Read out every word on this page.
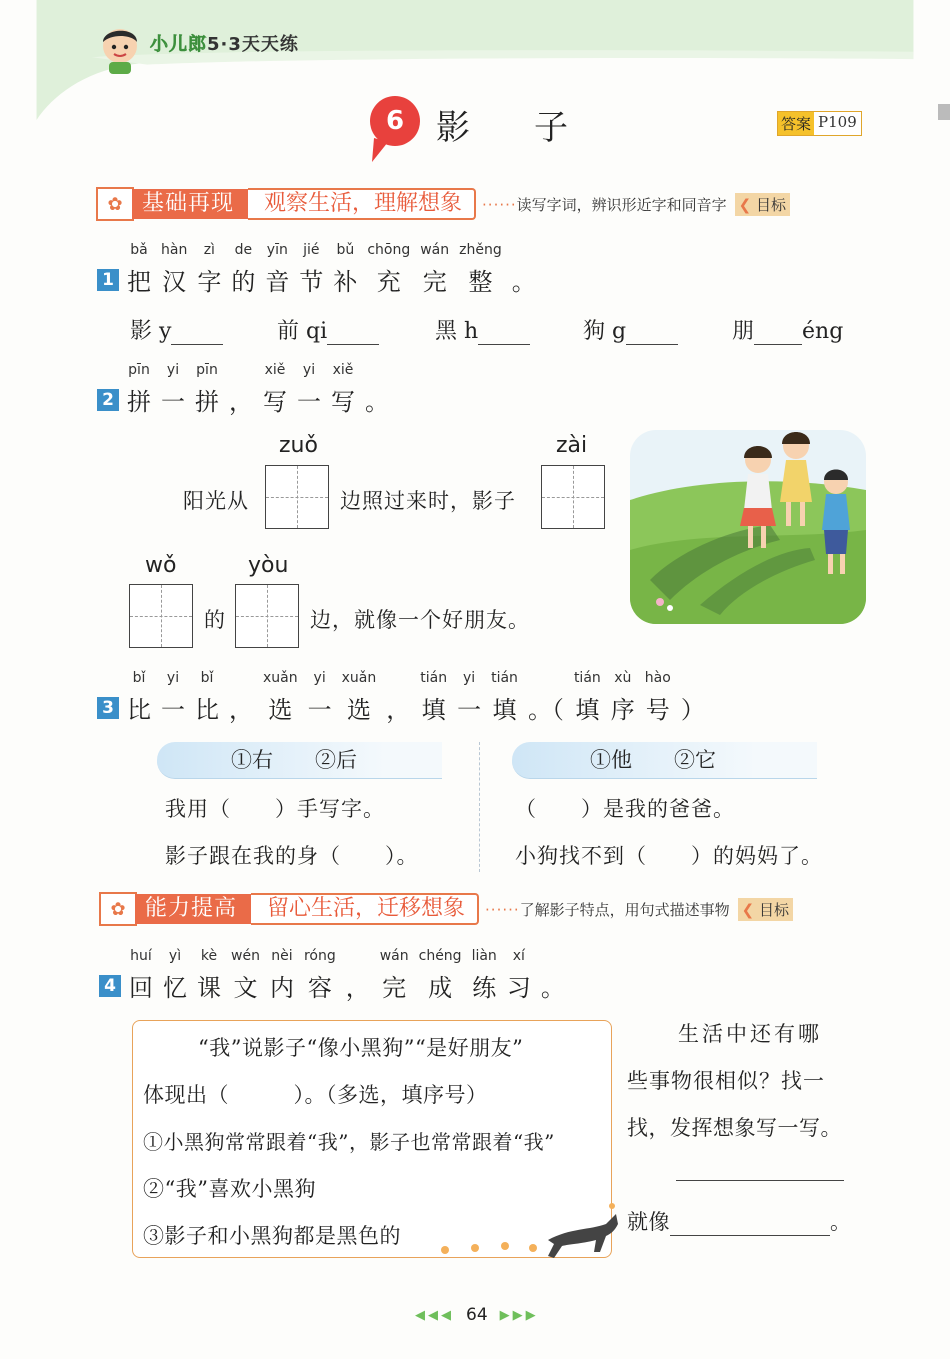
小儿郎5·3天天练
6 影子	答案 P109
✿ 基础再现	观察生活，理解想象	······读写字词，辨识形近字和同音字 ❮ 目标
1
bǎ
把
hàn
汉
zì
字
de
的
yīn
音
jié
节
bǔ
补
chōng
充
wán
完
zhěng
整 。
影 y	前 qi	黑 h	狗 g	朋 éng
2
pīn
拼
yi
一
pīn
拼 ，
xiě
写
yi
一
xiě
写 。
zuǒ
阳光从	边照过来时，影子
zài
wǒ
的
yòu
边，就像一个好朋友。
3
bǐ
比
yi
一
bǐ
比 ，
xuǎn
选
yi
一
xuǎn
选 ，
tián
填
yi
一
tián
填 。（
tián
填
xù
序
hào
号 ）
①右　　②后
我用（　　）手写字。
影子跟在我的身（　　）。
①他　　②它
（　　）是我的爸爸。
小狗找不到（　　）的妈妈了。
✿ 能力提高	留心生活，迁移想象	······了解影子特点，用句式描述事物 ❮ 目标
4
huí
回
yì
忆
kè
课
wén
文
nèi
内
róng
容 ，
wán
完
chéng
成
liàn
练
xí
习 。
“我”说影子“像小黑狗”“是好朋友”
体现出（　　　）。（多选，填序号）
①小黑狗常常跟着“我”，影子也常常跟着“我”
②“我”喜欢小黑狗
③影子和小黑狗都是黑色的
生活中还有哪
些事物很相似？找一
找，发挥想象写一写。
就像	。
◀◀◀ 64 ▶▶▶
